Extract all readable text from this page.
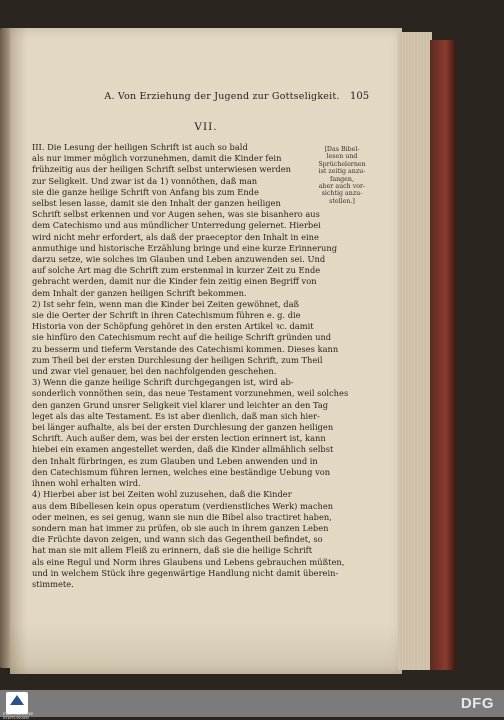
A. Von Erziehung der Jugend zur Gottseligkeit.	105
VII.
[Das Bibel-
lesen und
Sprüchelernen
ist zeitig anzu-
fangen,
aber auch vor-
sichtig anzu-
stellen.]

III. Die Lesung der heiligen Schrift ist auch so bald
als nur immer möglich vorzunehmen, damit die Kinder fein
frühzeitig aus der heiligen Schrift selbst unterwiesen werden
zur Seligkeit. Und zwar ist da 1) vonnöthen, daß man
sie die ganze heilige Schrift von Anfang bis zum Ende
selbst lesen lasse, damit sie den Inhalt der ganzen heiligen

Schrift selbst erkennen und vor Augen sehen, was sie bisanhero aus
dem Catechismo und aus mündlicher Unterredung gelernet. Hierbei
wird nicht mehr erfordert, als daß der praeceptor den Inhalt in eine
anmuthige und historische Erzählung bringe und eine kurze Erinnerung
darzu setze, wie solches im Glauben und Leben anzuwenden sei. Und
auf solche Art mag die Schrift zum erstenmal in kurzer Zeit zu Ende
gebracht werden, damit nur die Kinder fein zeitig einen Begriff von
dem Inhalt der ganzen heiligen Schrift bekommen.

2) Ist sehr fein, wenn man die Kinder bei Zeiten gewöhnet, daß
sie die Oerter der Schrift in ihren Catechismum führen e. g. die
Historia von der Schöpfung gehöret in den ersten Artikel ꝛc. damit
sie hinfüro den Catechismum recht auf die heilige Schrift gründen und
zu besserm und tieferm Verstande des Catechismi kommen. Dieses kann
zum Theil bei der ersten Durchlesung der heiligen Schrift, zum Theil
und zwar viel genauer, bei den nachfolgenden geschehen.

3) Wenn die ganze heilige Schrift durchgegangen ist, wird ab-
sonderlich vonnöthen sein, das neue Testament vorzunehmen, weil solches
den ganzen Grund unsrer Seligkeit viel klarer und leichter an den Tag
leget als das alte Testament. Es ist aber dienlich, daß man sich hier-
bei länger aufhalte, als bei der ersten Durchlesung der ganzen heiligen
Schrift. Auch außer dem, was bei der ersten lection erinnert ist, kann
hiebei ein examen angestellet werden, daß die Kinder allmählich selbst
den Inhalt fürbringen, es zum Glauben und Leben anwenden und in
den Catechismum führen lernen, welches eine beständige Uebung von
ihnen wohl erhalten wird.

4) Hierbei aber ist bei Zeiten wohl zuzusehen, daß die Kinder
aus dem Bibellesen kein opus operatum (verdienstliches Werk) machen
oder meinen, es sei genug, wann sie nun die Bibel also tractiret haben,
sondern man hat immer zu prüfen, ob sie auch in ihrem ganzen Leben
die Früchte davon zeigen, und wann sich das Gegentheil befindet, so
hat man sie mit allem Fleiß zu erinnern, daß sie die heilige Schrift
als eine Regul und Norm ihres Glaubens und Lebens gebrauchen müßten,
und in welchem Stück ihre gegenwärtige Handlung nicht damit überein-
stimmete.

FRANCKESCHE STIFTUNGEN
DFG
